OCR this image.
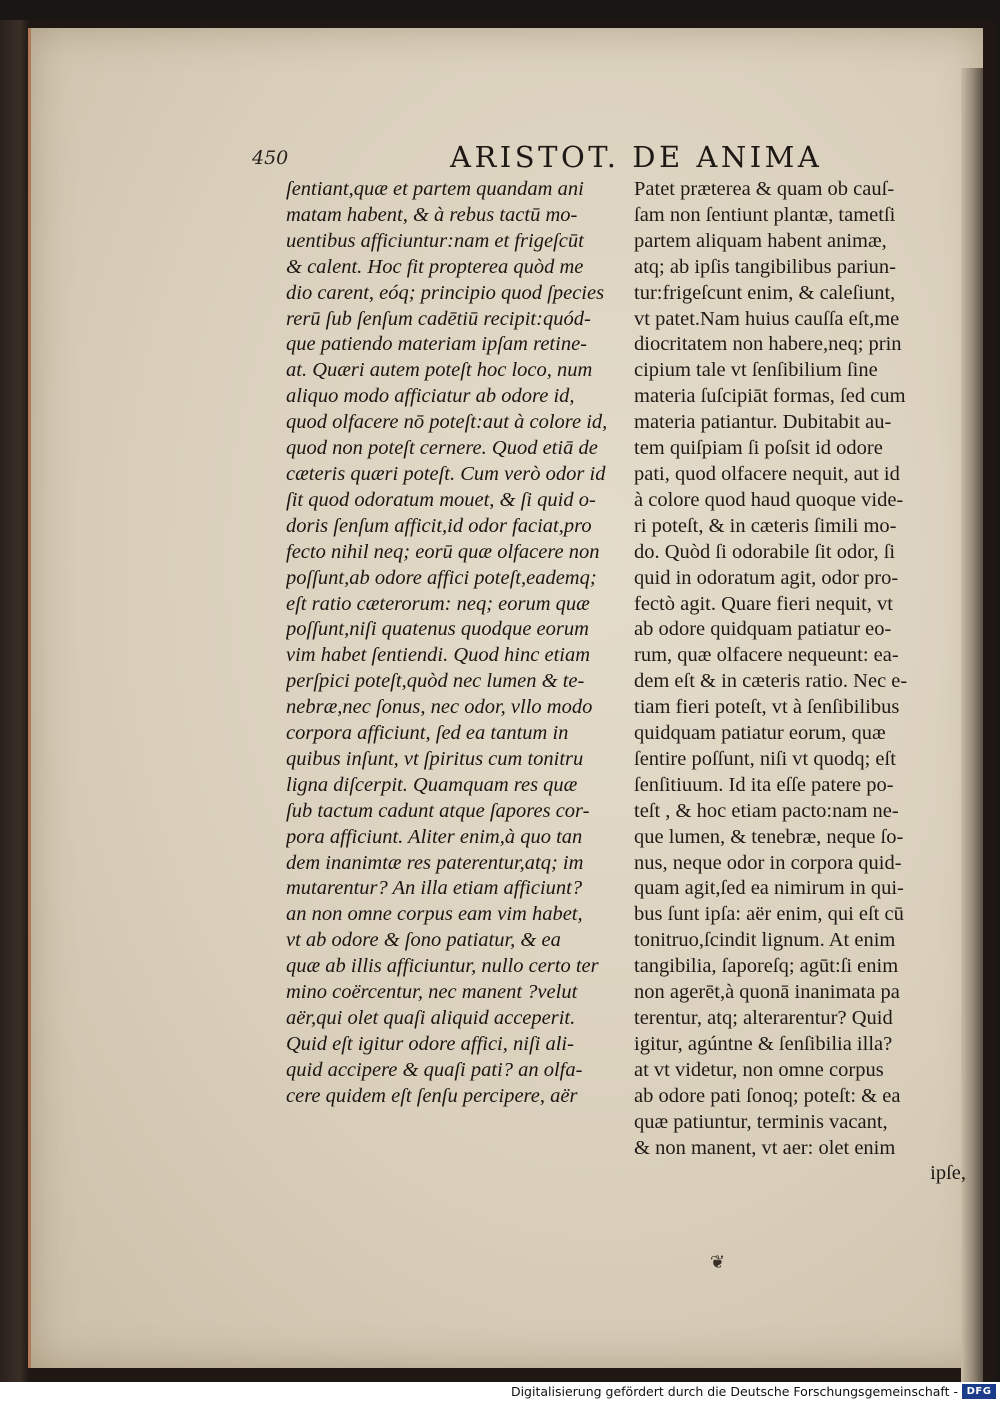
450	ARISTOT. DE ANIMA
ſentiant,quæ et partem quandam ani
matam habent, & à rebus tactū mo-
uentibus afficiuntur:nam et frigeſcūt
& calent. Hoc fit propterea quòd me
dio carent, eóq; principio quod ſpecies
rerū ſub ſenſum cadētiū recipit:quód-
que patiendo materiam ipſam retine-
at. Quæri autem poteſt hoc loco, num
aliquo modo afficiatur ab odore id,
quod olfacere nō poteſt:aut à colore id,
quod non poteſt cernere. Quod etiā de
cæteris quæri poteſt. Cum verò odor id
ſit quod odoratum mouet, & ſi quid o-
doris ſenſum afficit,id odor faciat,pro
fecto nihil neq; eorū quæ olfacere non
poſſunt,ab odore affici poteſt,eademq;
eſt ratio cæterorum: neq; eorum quæ
poſſunt,niſi quatenus quodque eorum
vim habet ſentiendi. Quod hinc etiam
perſpici poteſt,quòd nec lumen & te-
nebræ,nec ſonus, nec odor, vllo modo
corpora afficiunt, ſed ea tantum in
quibus inſunt, vt ſpiritus cum tonitru
ligna diſcerpit. Quamquam res quæ
ſub tactum cadunt atque ſapores cor-
pora afficiunt. Aliter enim,à quo tan
dem inanimtæ res paterentur,atq; im
mutarentur? An illa etiam afficiunt?
an non omne corpus eam vim habet,
vt ab odore & ſono patiatur, & ea
quæ ab illis afficiuntur, nullo certo ter
mino coërcentur, nec manent ?velut
aër,qui olet quaſi aliquid acceperit.
Quid eſt igitur odore affici, niſi ali-
quid accipere & quaſi pati? an olfa-
cere quidem eſt ſenſu percipere, aër
Patet præterea & quam ob cauſ-
ſam non ſentiunt plantæ, tametſi
partem aliquam habent animæ,
atq; ab ipſis tangibilibus pariun-
tur:frigeſcunt enim, & caleſiunt,
vt patet.Nam huius cauſſa eſt,me
diocritatem non habere,neq; prin
cipium tale vt ſenſibilium ſine
materia ſuſcipiāt formas, ſed cum
materia patiantur. Dubitabit au-
tem quiſpiam ſi poſsit id odore
pati, quod olfacere nequit, aut id
à colore quod haud quoque vide-
ri poteſt, & in cæteris ſimili mo-
do. Quòd ſi odorabile ſit odor, ſi
quid in odoratum agit, odor pro-
fectò agit. Quare fieri nequit, vt
ab odore quidquam patiatur eo-
rum, quæ olfacere nequeunt: ea-
dem eſt & in cæteris ratio. Nec e-
tiam fieri poteſt, vt à ſenſibilibus
quidquam patiatur eorum, quæ
ſentire poſſunt, niſi vt quodq; eſt
ſenſitiuum. Id ita eſſe patere po-
teſt , & hoc etiam pacto:nam ne-
que lumen, & tenebræ, neque ſo-
nus, neque odor in corpora quid-
quam agit,ſed ea nimirum in qui-
bus ſunt ipſa: aër enim, qui eſt cū
tonitruo,ſcindit lignum. At enim
tangibilia, ſaporeſq; agūt:ſi enim
non agerēt,à quonā inanimata pa
terentur, atq; alterarentur? Quid
igitur, agúntne & ſenſibilia illa?
at vt videtur, non omne corpus
ab odore pati ſonoq; poteſt: & ea
quæ patiuntur, terminis vacant,
& non manent, vt aer: olet enim
ipſe,
❦
Digitalisierung gefördert durch die Deutsche Forschungsgemeinschaft - DFG
